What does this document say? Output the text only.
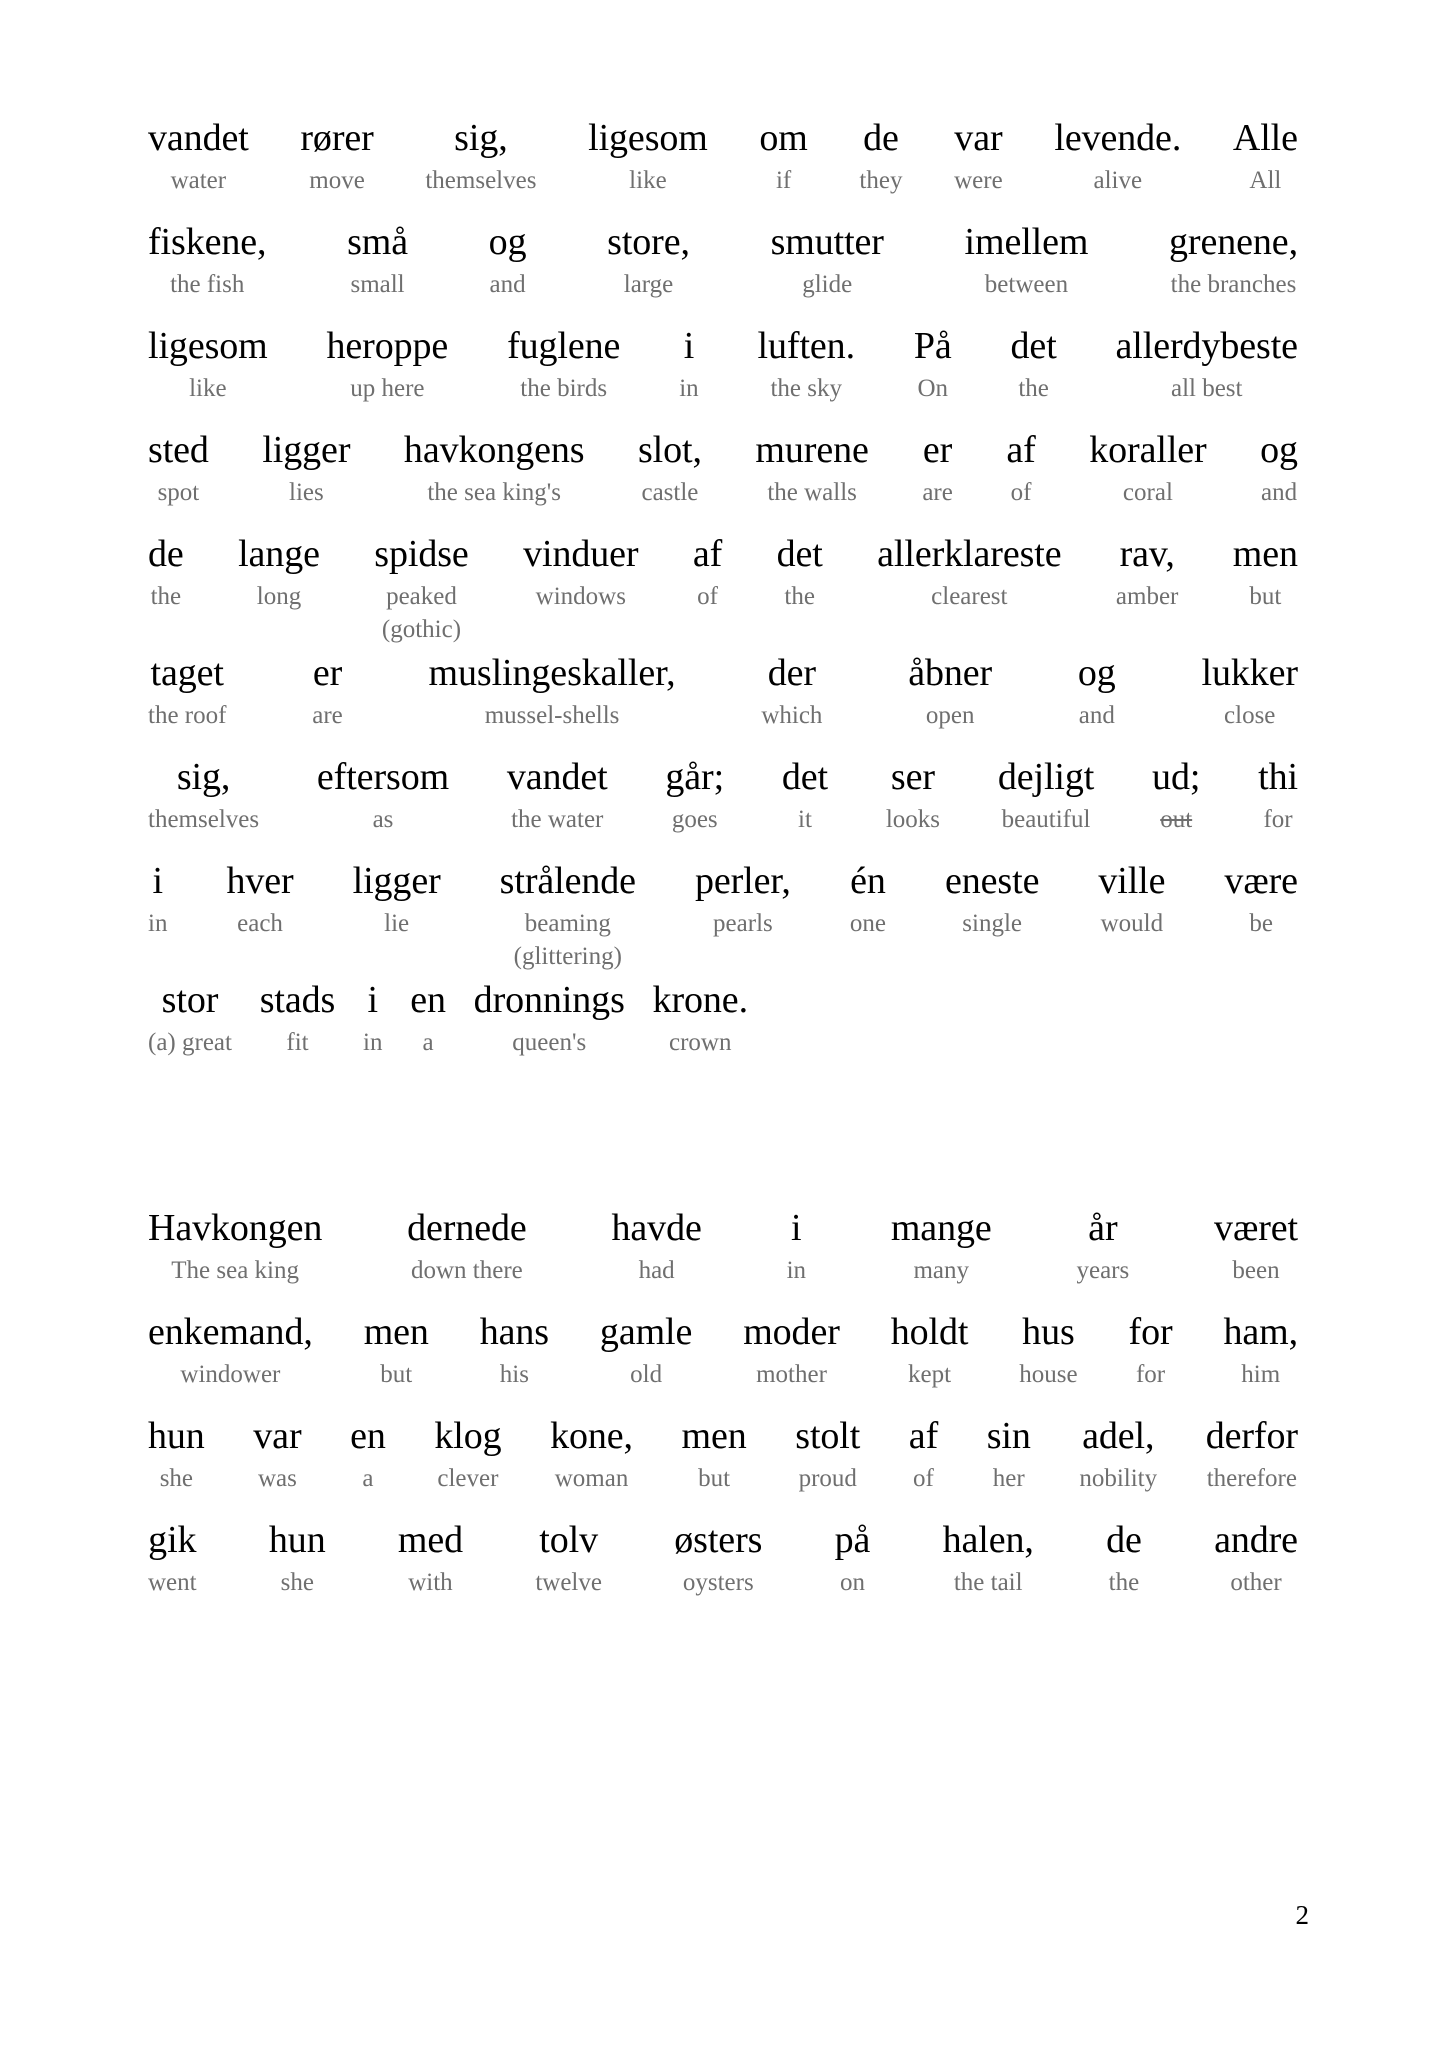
vandet
water
rører
move
sig,
themselves
ligesom
like
om
if
de
they
var
were
levende.
alive
Alle
All
fiskene,
the fish
små
small
og
and
store,
large
smutter
glide
imellem
between
grenene,
the branches
ligesom
like
heroppe
up here
fuglene
the birds
i
in
luften.
the sky
På
On
det
the
allerdybeste
all best
sted
spot
ligger
lies
havkongens
the sea king's
slot,
castle
murene
the walls
er
are
af
of
koraller
coral
og
and
de
the
lange
long
spidse
peaked
(gothic)
vinduer
windows
af
of
det
the
allerklareste
clearest
rav,
amber
men
but
taget
the roof
er
are
muslingeskaller,
mussel-shells
der
which
åbner
open
og
and
lukker
close
sig,
themselves
eftersom
as
vandet
the water
går;
goes
det
it
ser
looks
dejligt
beautiful
ud;
out
thi
for
i
in
hver
each
ligger
lie
strålende
beaming
(glittering)
perler,
pearls
én
one
eneste
single
ville
would
være
be
stor
(a) great
stads
fit
i
in
en
a
dronnings
queen's
krone.
crown
Havkongen
The sea king
dernede
down there
havde
had
i
in
mange
many
år
years
været
been
enkemand,
windower
men
but
hans
his
gamle
old
moder
mother
holdt
kept
hus
house
for
for
ham,
him
hun
she
var
was
en
a
klog
clever
kone,
woman
men
but
stolt
proud
af
of
sin
her
adel,
nobility
derfor
therefore
gik
went
hun
she
med
with
tolv
twelve
østers
oysters
på
on
halen,
the tail
de
the
andre
other
2
